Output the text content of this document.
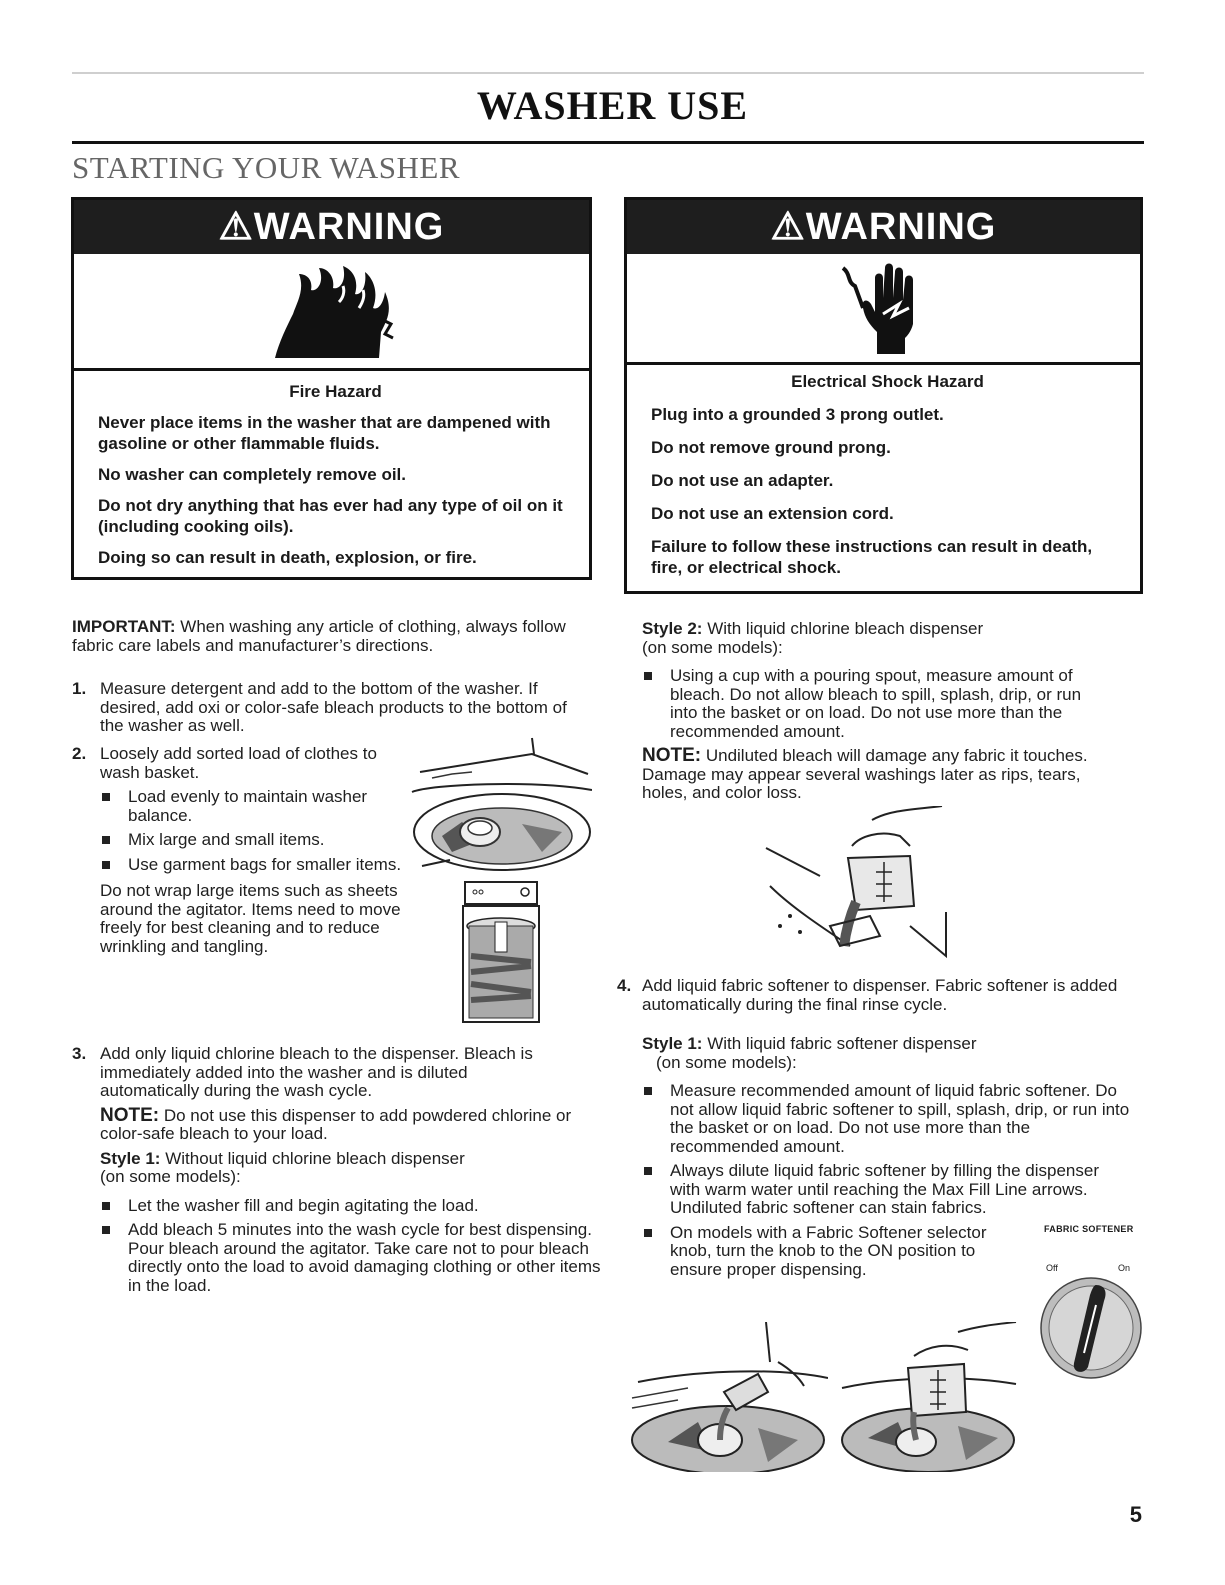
WASHER USE
STARTING YOUR WASHER
⚠WARNING
Fire Hazard

Never place items in the washer that are dampened with gasoline or other flammable fluids.

No washer can completely remove oil.

Do not dry anything that has ever had any type of oil on it (including cooking oils).

Doing so can result in death, explosion, or fire.

⚠WARNING
Electrical Shock Hazard

Plug into a grounded 3 prong outlet.

Do not remove ground prong.

Do not use an adapter.

Do not use an extension cord.

Failure to follow these instructions can result in death, fire, or electrical shock.

IMPORTANT: When washing any article of clothing, always follow fabric care labels and manufacturer’s directions.
1. Measure detergent and add to the bottom of the washer. If desired, add oxi or color-safe bleach products to the bottom of the washer as well.

2. Loosely add sorted load of clothes to wash basket.

Load evenly to maintain washer balance.
Mix large and small items.
Use garment bags for smaller items.

Do not wrap large items such as sheets around the agitator. Items need to move freely for best cleaning and to reduce wrinkling and tangling.

3. Add only liquid chlorine bleach to the dispenser. Bleach is immediately added into the washer and is diluted automatically during the wash cycle.

NOTE: Do not use this dispenser to add powdered chlorine or color-safe bleach to your load.

Style 1: Without liquid chlorine bleach dispenser

(on some models):

Let the washer fill and begin agitating the load.
Add bleach 5 minutes into the wash cycle for best dispensing. Pour bleach around the agitator. Take care not to pour bleach directly onto the load to avoid damaging clothing or other items in the load.

Style 2: With liquid chlorine bleach dispenser

(on some models):

Using a cup with a pouring spout, measure amount of bleach. Do not allow bleach to spill, splash, drip, or run into the basket or on load. Do not use more than the recommended amount.

NOTE: Undiluted bleach will damage any fabric it touches. Damage may appear several washings later as rips, tears, holes, and color loss.

4. Add liquid fabric softener to dispenser. Fabric softener is added automatically during the final rinse cycle.

Style 1: With liquid fabric softener dispenser

(on some models):

Measure recommended amount of liquid fabric softener. Do not allow liquid fabric softener to spill, splash, drip, or run into the basket or on load. Do not use more than the recommended amount.
Always dilute liquid fabric softener by filling the dispenser with warm water until reaching the Max Fill Line arrows. Undiluted fabric softener can stain fabrics.
On models with a Fabric Softener selector knob, turn the knob to the ON position to ensure proper dispensing.
FABRIC SOFTENER
Off	On
5
